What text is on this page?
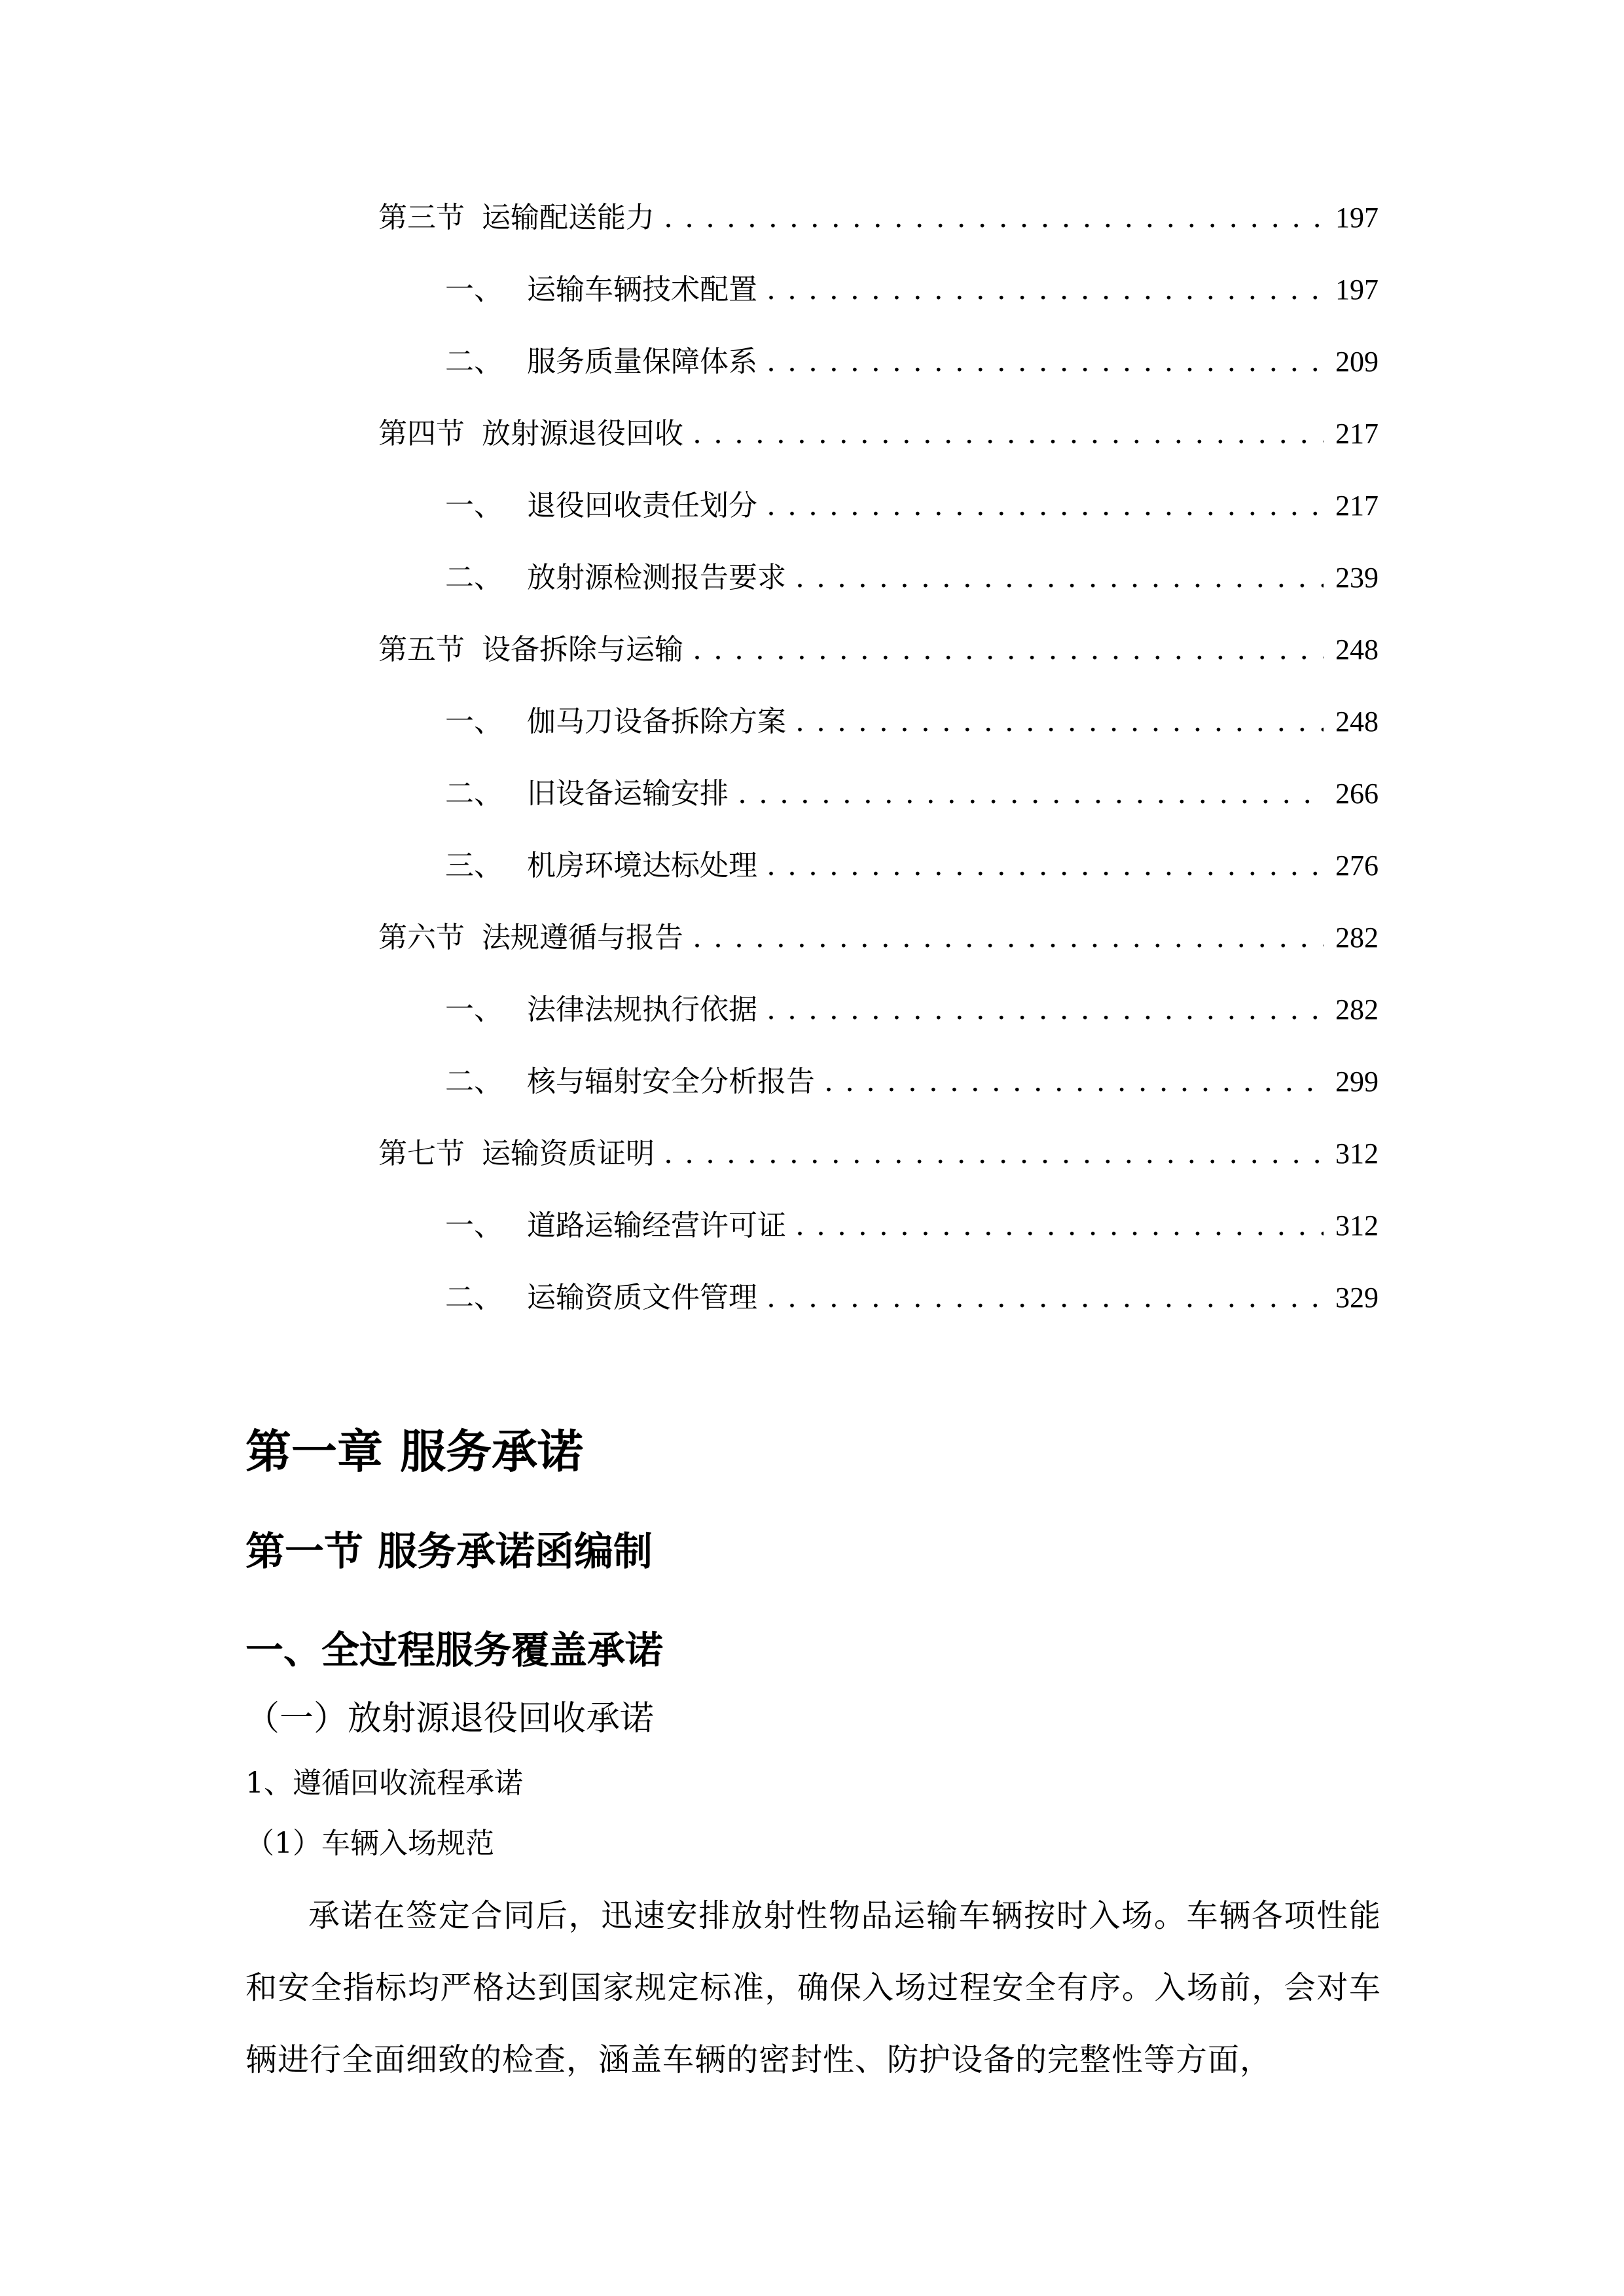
第三节 运输配送能力 . . .	197
一、 运输车辆技术配置 . . .	197
二、 服务质量保障体系 . . .	209
第四节 放射源退役回收 . . .	217
一、 退役回收责任划分 . . .	217
二、 放射源检测报告要求 . . .	239
第五节 设备拆除与运输 . . .	248
一、 伽马刀设备拆除方案 . . .	248
二、 旧设备运输安排 . . .	266
三、 机房环境达标处理 . . .	276
第六节 法规遵循与报告 . . .	282
一、 法律法规执行依据 . . .	282
二、 核与辐射安全分析报告 . . .	299
第七节 运输资质证明 . . .	312
一、 道路运输经营许可证 . . .	312
二、 运输资质文件管理 . . .	329
第一章 服务承诺
第一节 服务承诺函编制
一、全过程服务覆盖承诺
（一）放射源退役回收承诺
1、遵循回收流程承诺
（1）车辆入场规范

承诺在签定合同后，迅速安排放射性物品运输车辆按时入场。车辆各项性能和安全指标均严格达到国家规定标准，确保入场过程安全有序。入场前，会对车辆进行全面细致的检查，涵盖车辆的密封性、防护设备的完整性等方面，
